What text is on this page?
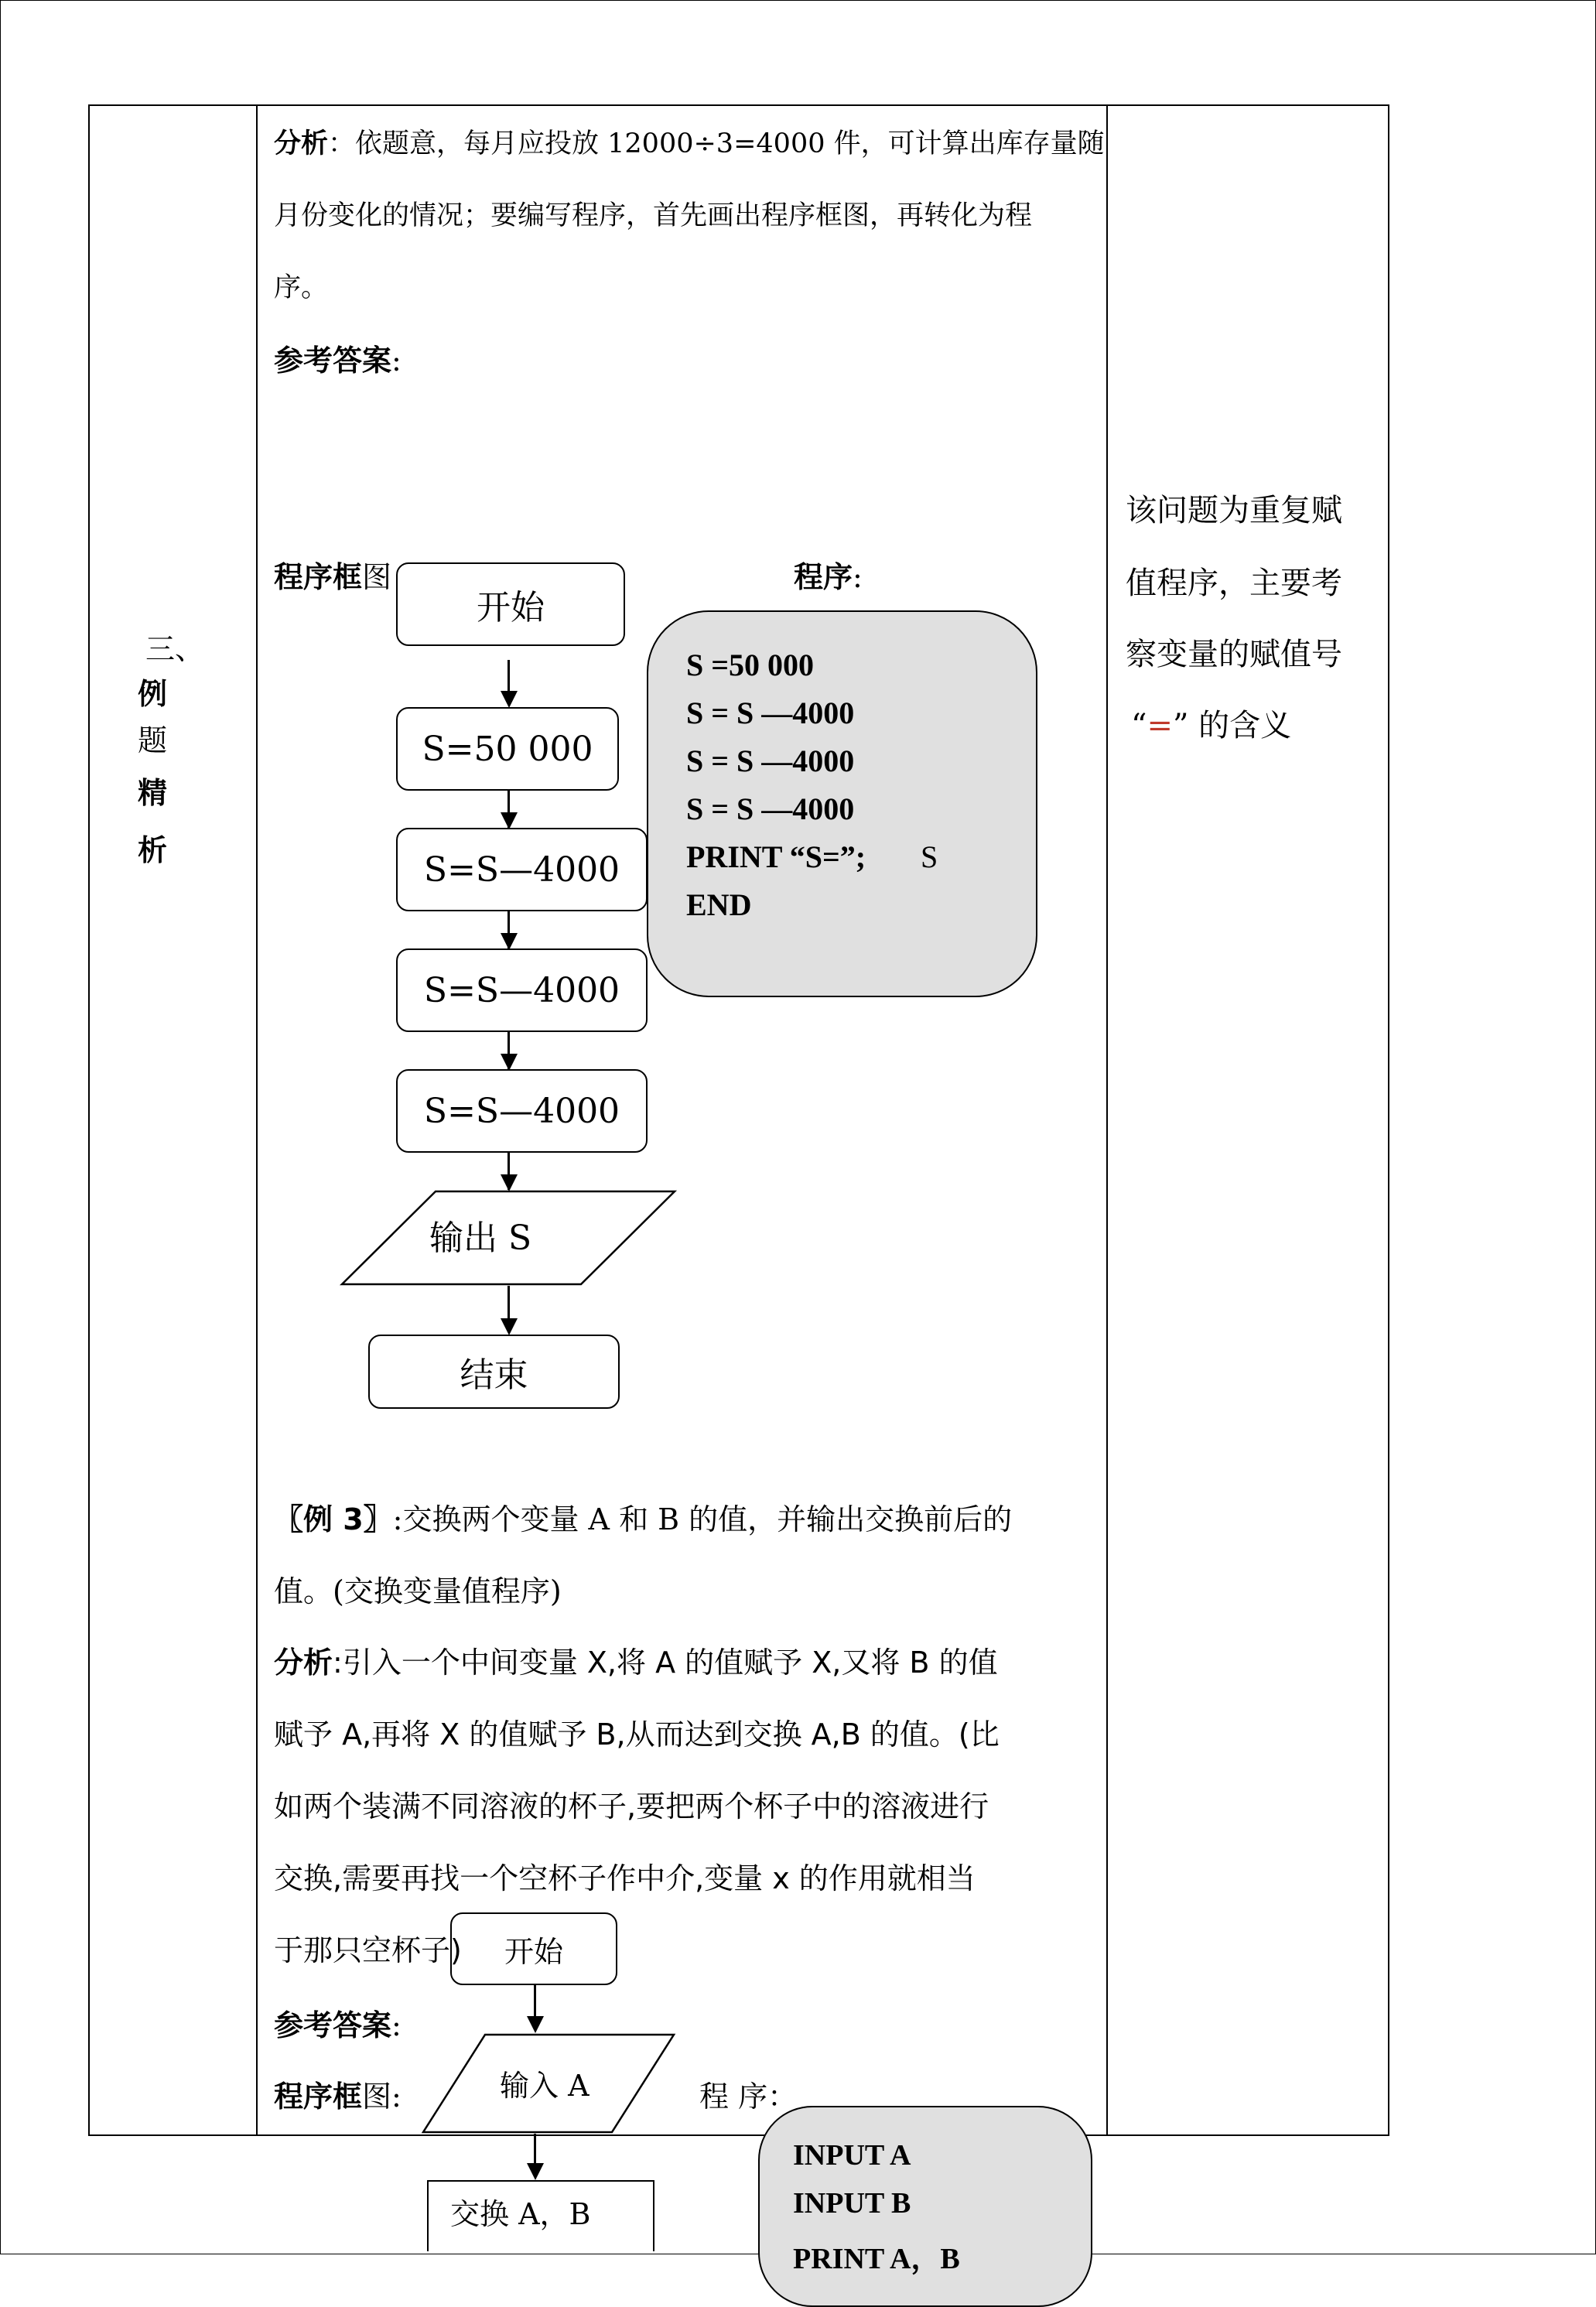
三、
例
题
精
析
分析：依题意，每月应投放 12000÷3=4000 件，可计算出库存量随
月份变化的情况；要编写程序，首先画出程序框图，再转化为程
序。
参考答案:
程序框图	程序:
开始
S=50 000
S=S—4000
S=S—4000
S=S—4000
输出 S
结束
S =50 000
S = S —4000
S = S —4000
S = S —4000
PRINT “S=”; S
END
〖例 3〗:交换两个变量 A 和 B 的值，并输出交换前后的
值。(交换变量值程序)
分析:引入一个中间变量 X,将 A 的值赋予 X,又将 B 的值
赋予 A,再将 X 的值赋予 B,从而达到交换 A,B 的值。(比
如两个装满不同溶液的杯子,要把两个杯子中的溶液进行
交换,需要再找一个空杯子作中介,变量 x 的作用就相当
于那只空杯子)
参考答案:
程序框图:	程 序：
开始
输入 A
交换 A，B
INPUT A
INPUT B
PRINT A，B
该问题为重复赋
值程序，主要考
察变量的赋值号
“=” 的含义
